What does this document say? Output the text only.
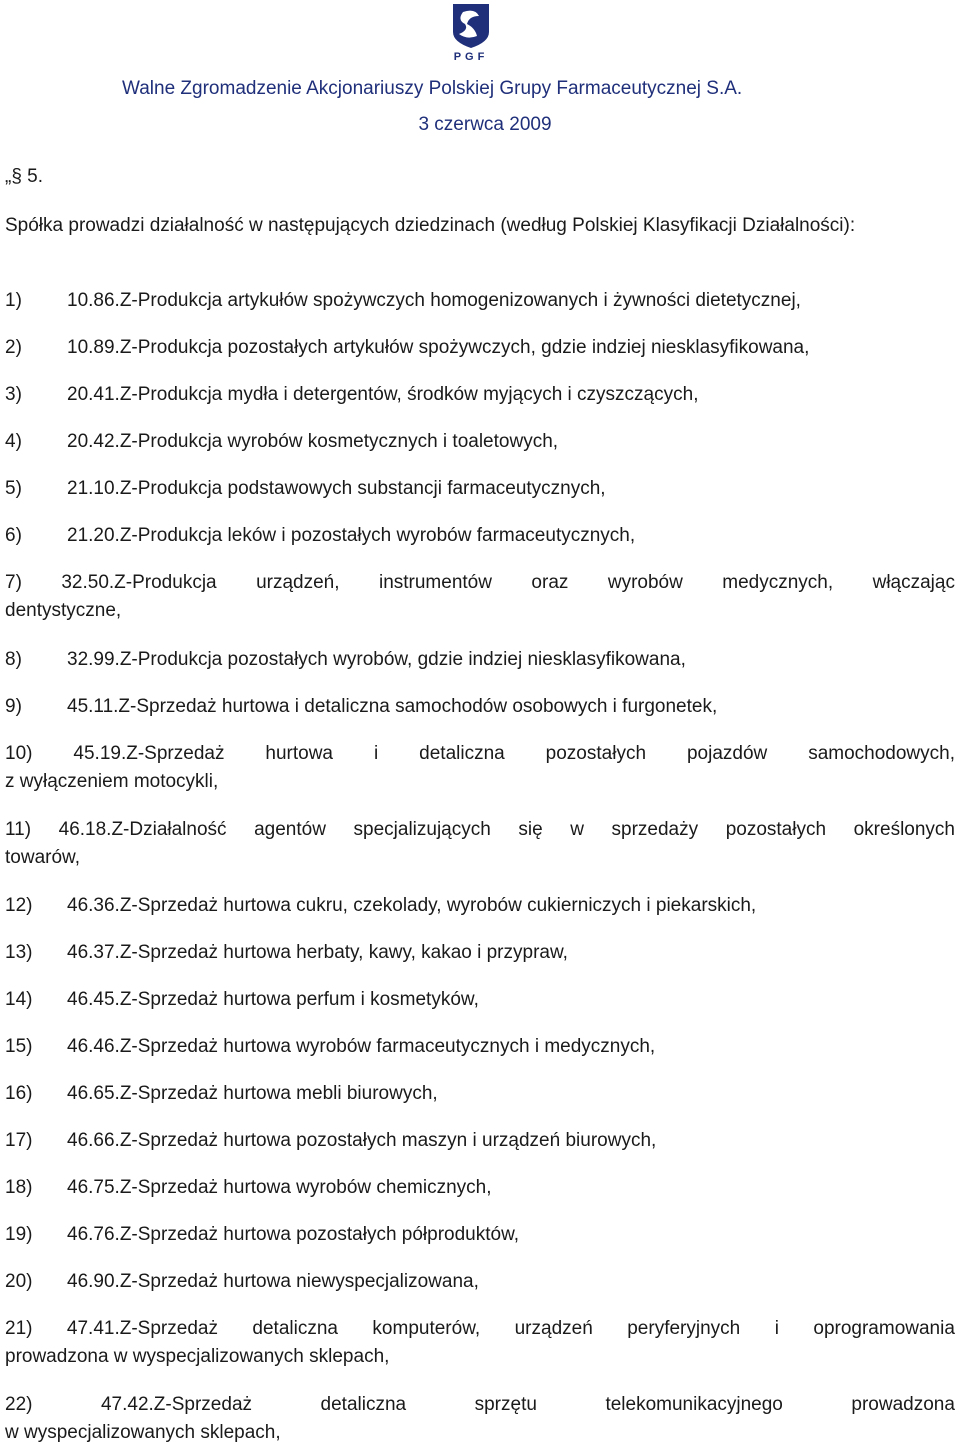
PGF
Walne Zgromadzenie Akcjonariuszy Polskiej Grupy Farmaceutycznej S.A.
3 czerwca 2009
„§ 5.
Spółka prowadzi działalność w następujących dziedzinach (według Polskiej Klasyfikacji Działalności):
1) 10.86.Z-Produkcja artykułów spożywczych homogenizowanych i żywności dietetycznej,
2) 10.89.Z-Produkcja pozostałych artykułów spożywczych, gdzie indziej niesklasyfikowana,
3) 20.41.Z-Produkcja mydła i detergentów, środków myjących i czyszczących,
4) 20.42.Z-Produkcja wyrobów kosmetycznych i toaletowych,
5) 21.10.Z-Produkcja podstawowych substancji farmaceutycznych,
6) 21.20.Z-Produkcja leków i pozostałych wyrobów farmaceutycznych,
7) 32.50.Z-Produkcja urządzeń, instrumentów oraz wyrobów medycznych, włączając
dentystyczne,
8) 32.99.Z-Produkcja pozostałych wyrobów, gdzie indziej niesklasyfikowana,
9) 45.11.Z-Sprzedaż hurtowa i detaliczna samochodów osobowych i furgonetek,
10) 45.19.Z-Sprzedaż hurtowa i detaliczna pozostałych pojazdów samochodowych,
z wyłączeniem motocykli,
11) 46.18.Z-Działalność agentów specjalizujących się w sprzedaży pozostałych określonych
towarów,
12) 46.36.Z-Sprzedaż hurtowa cukru, czekolady, wyrobów cukierniczych i piekarskich,
13) 46.37.Z-Sprzedaż hurtowa herbaty, kawy, kakao i przypraw,
14) 46.45.Z-Sprzedaż hurtowa perfum i kosmetyków,
15) 46.46.Z-Sprzedaż hurtowa wyrobów farmaceutycznych i medycznych,
16) 46.65.Z-Sprzedaż hurtowa mebli biurowych,
17) 46.66.Z-Sprzedaż hurtowa pozostałych maszyn i urządzeń biurowych,
18) 46.75.Z-Sprzedaż hurtowa wyrobów chemicznych,
19) 46.76.Z-Sprzedaż hurtowa pozostałych półproduktów,
20) 46.90.Z-Sprzedaż hurtowa niewyspecjalizowana,
21) 47.41.Z-Sprzedaż detaliczna komputerów, urządzeń peryferyjnych i oprogramowania
prowadzona w wyspecjalizowanych sklepach,
22)	47.42.Z-Sprzedaż	detaliczna	sprzętu	telekomunikacyjnego	prowadzona
w wyspecjalizowanych sklepach,
